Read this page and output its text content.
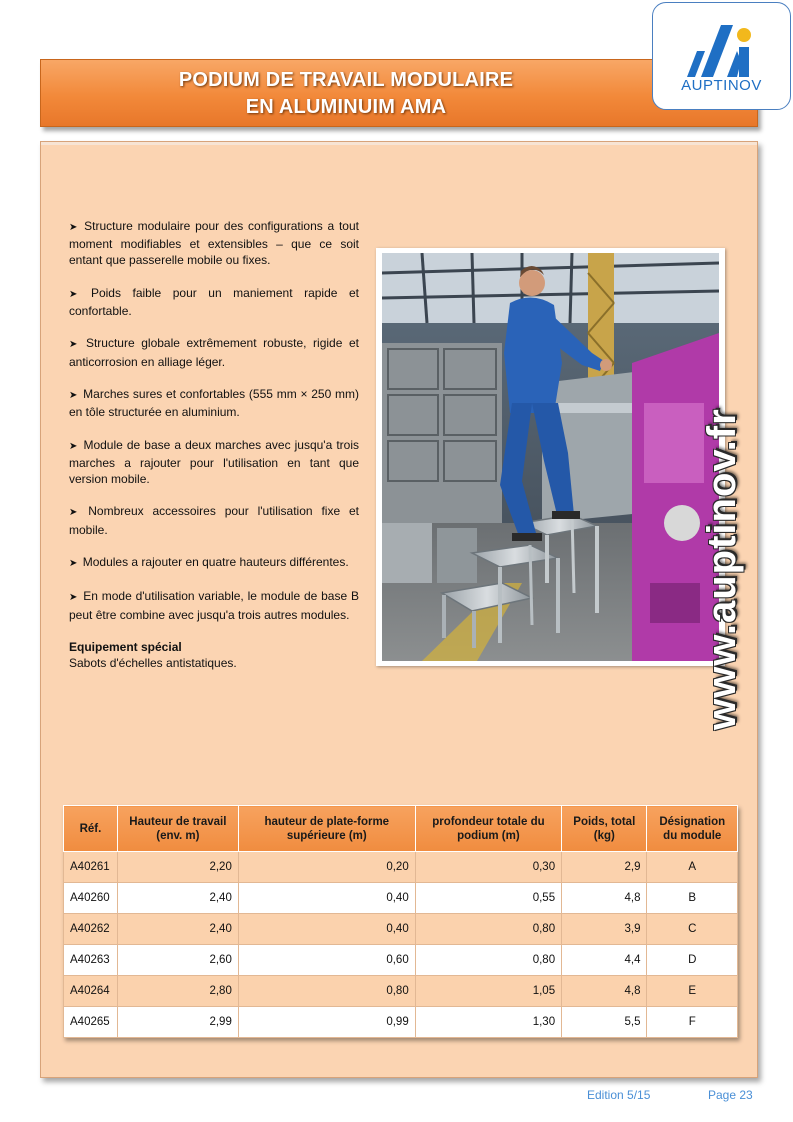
PODIUM DE TRAVAIL MODULAIRE
EN ALUMINUIM AMA
AUPTINOV
➤ Structure modulaire pour des configurations a tout moment modifiables et extensibles – que ce soit entant que passerelle mobile ou fixes.
➤ Poids faible pour un maniement rapide et confortable.
➤ Structure globale extrêmement robuste, rigide et anticorrosion en alliage léger.
➤ Marches sures et confortables (555 mm × 250 mm) en tôle structurée en aluminium.
➤ Module de base a deux marches avec jusqu'a trois marches a rajouter pour l'utilisation en tant que version mobile.
➤ Nombreux accessoires pour l'utilisation fixe et mobile.
➤ Modules a rajouter en quatre hauteurs différentes.
➤ En mode d'utilisation variable, le module de base B peut être combine avec jusqu'a trois autres modules.
Equipement spécial
Sabots d'échelles antistatiques.	www.auptinov.fr
Réf.	Hauteur de travail (env. m)	hauteur de plate-forme supérieure (m)	profondeur totale du podium (m)	Poids, total (kg)	Désignation du module
A40261	2,20	0,20	0,30	2,9	A
A40260	2,40	0,40	0,55	4,8	B
A40262	2,40	0,40	0,80	3,9	C
A40263	2,60	0,60	0,80	4,4	D
A40264	2,80	0,80	1,05	4,8	E
A40265	2,99	0,99	1,30	5,5	F
Edition 5/15	Page 23
